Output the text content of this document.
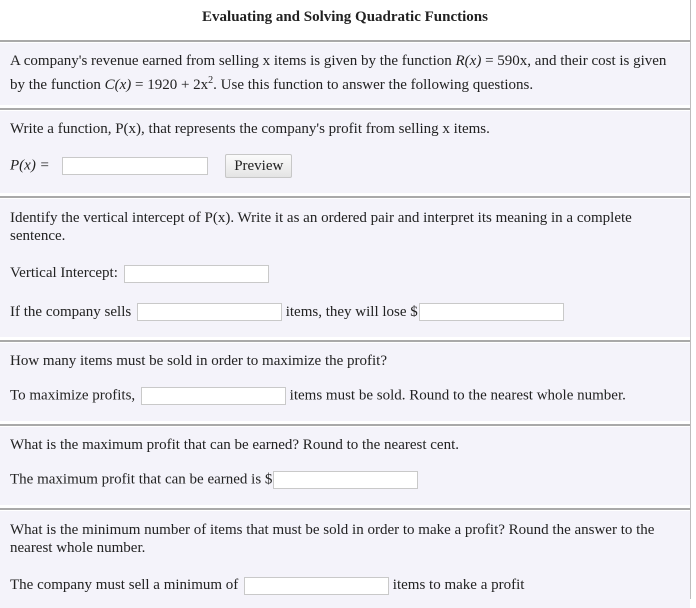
Evaluating and Solving Quadratic Functions

A company's revenue earned from selling x items is given by the function R(x) = 590x, and their cost is given by the function $C(x) = 1920 + 2x^2$. Use this function to answer the following questions.

Write a function, P(x), that represents the company's profit from selling x items.

P(x) =	Preview

Identify the vertical intercept of P(x). Write it as an ordered pair and interpret its meaning in a complete sentence.

Vertical Intercept:
If the company sells	items, they will lose $

How many items must be sold in order to maximize the profit?

To maximize profits,	items must be sold. Round to the nearest whole number.

What is the maximum profit that can be earned? Round to the nearest cent.

The maximum profit that can be earned is $

What is the minimum number of items that must be sold in order to make a profit? Round the answer to the nearest whole number.

The company must sell a minimum of	items to make a profit
